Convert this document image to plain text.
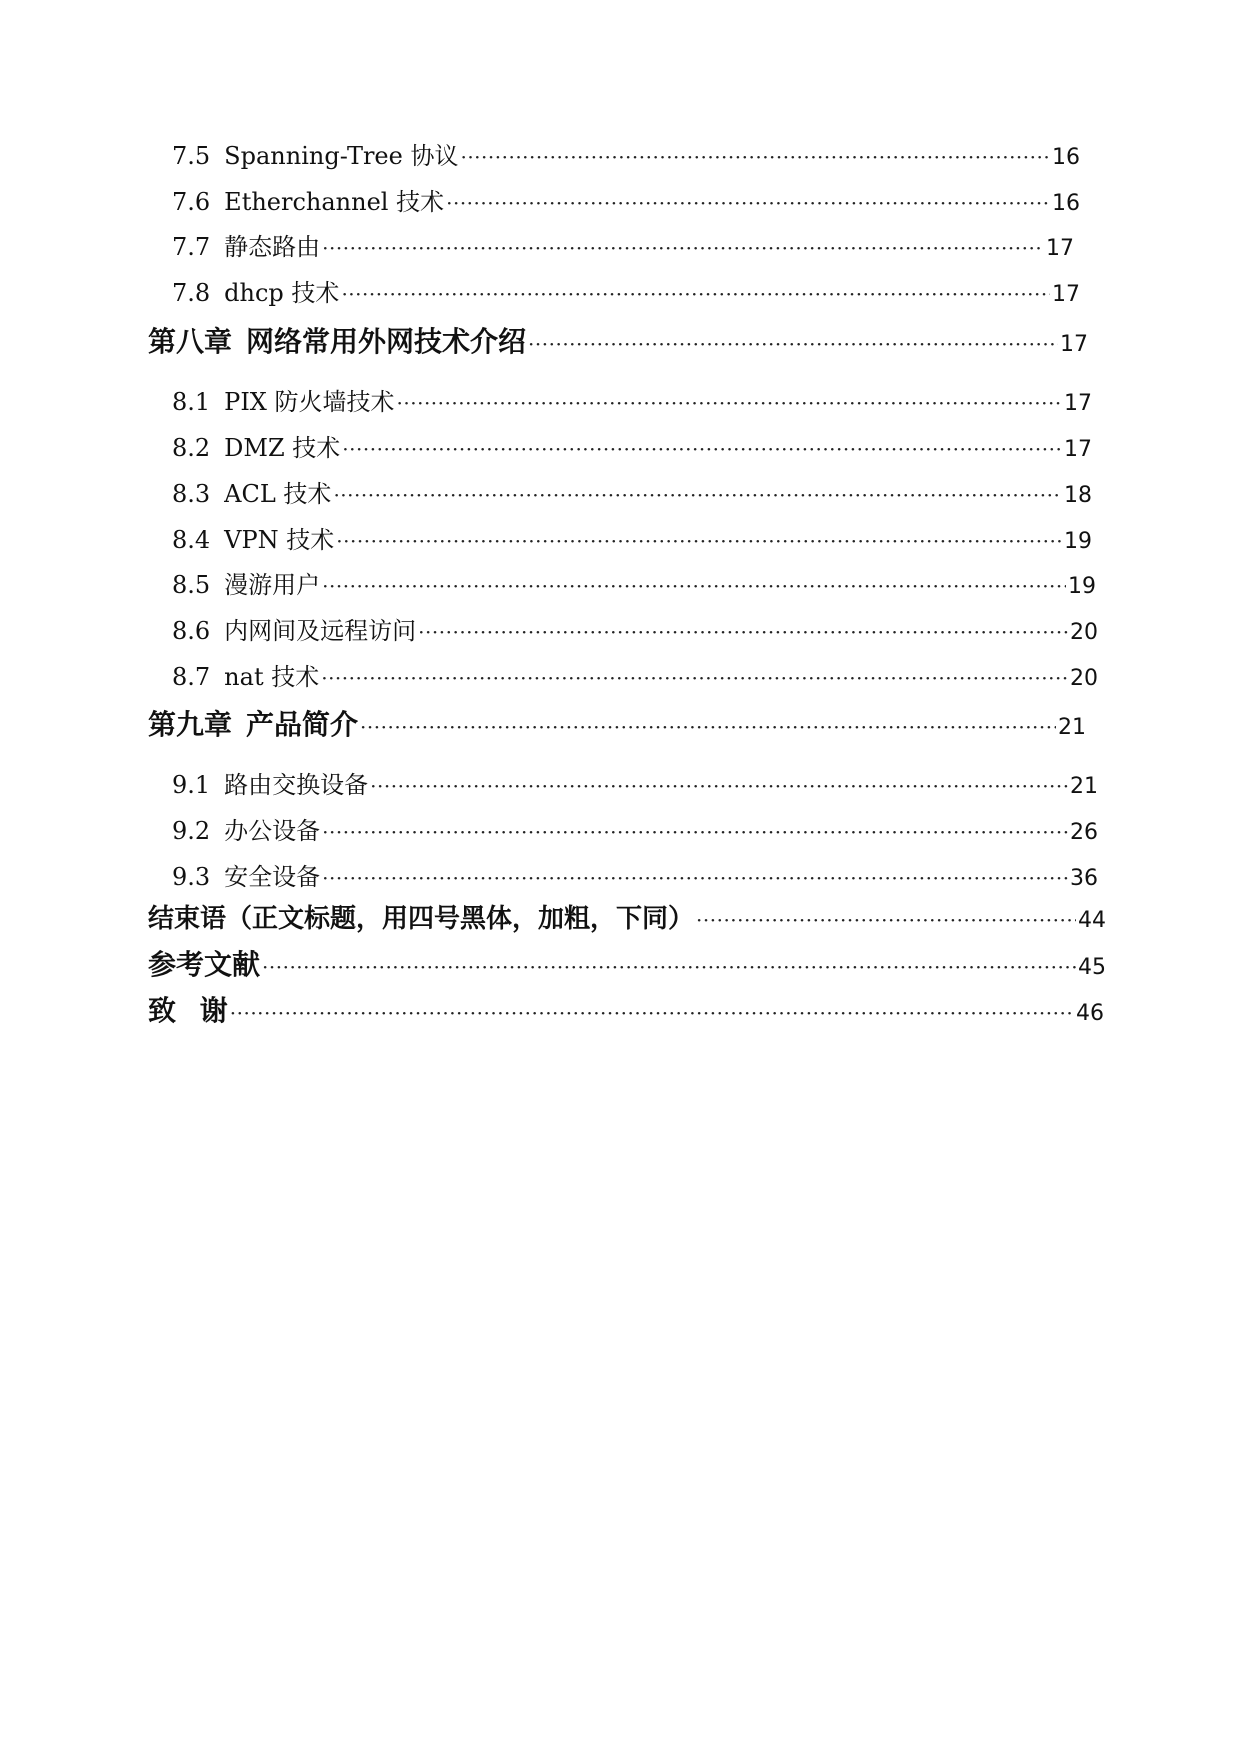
7.5 Spanning-Tree 协议 ·····	16
7.6 Etherchannel 技术 ·····	16
7.7 静态路由 ·····	17
7.8 dhcp 技术 ·····	17
第八章 网络常用外网技术介绍 ·····	17
8.1 PIX 防火墙技术 ·····	17
8.2 DMZ 技术 ·····	17
8.3 ACL 技术 ·····	18
8.4 VPN 技术 ·····	19
8.5 漫游用户 ·····	19
8.6 内网间及远程访问 ·····	20
8.7 nat 技术 ·····	20
第九章 产品简介 ·····	21
9.1 路由交换设备 ·····	21
9.2 办公设备 ·····	26
9.3 安全设备 ·····	36
结束语（正文标题，用四号黑体，加粗，下同） ·····	44
参考文献 ·····	45
致 谢 ·····	46
